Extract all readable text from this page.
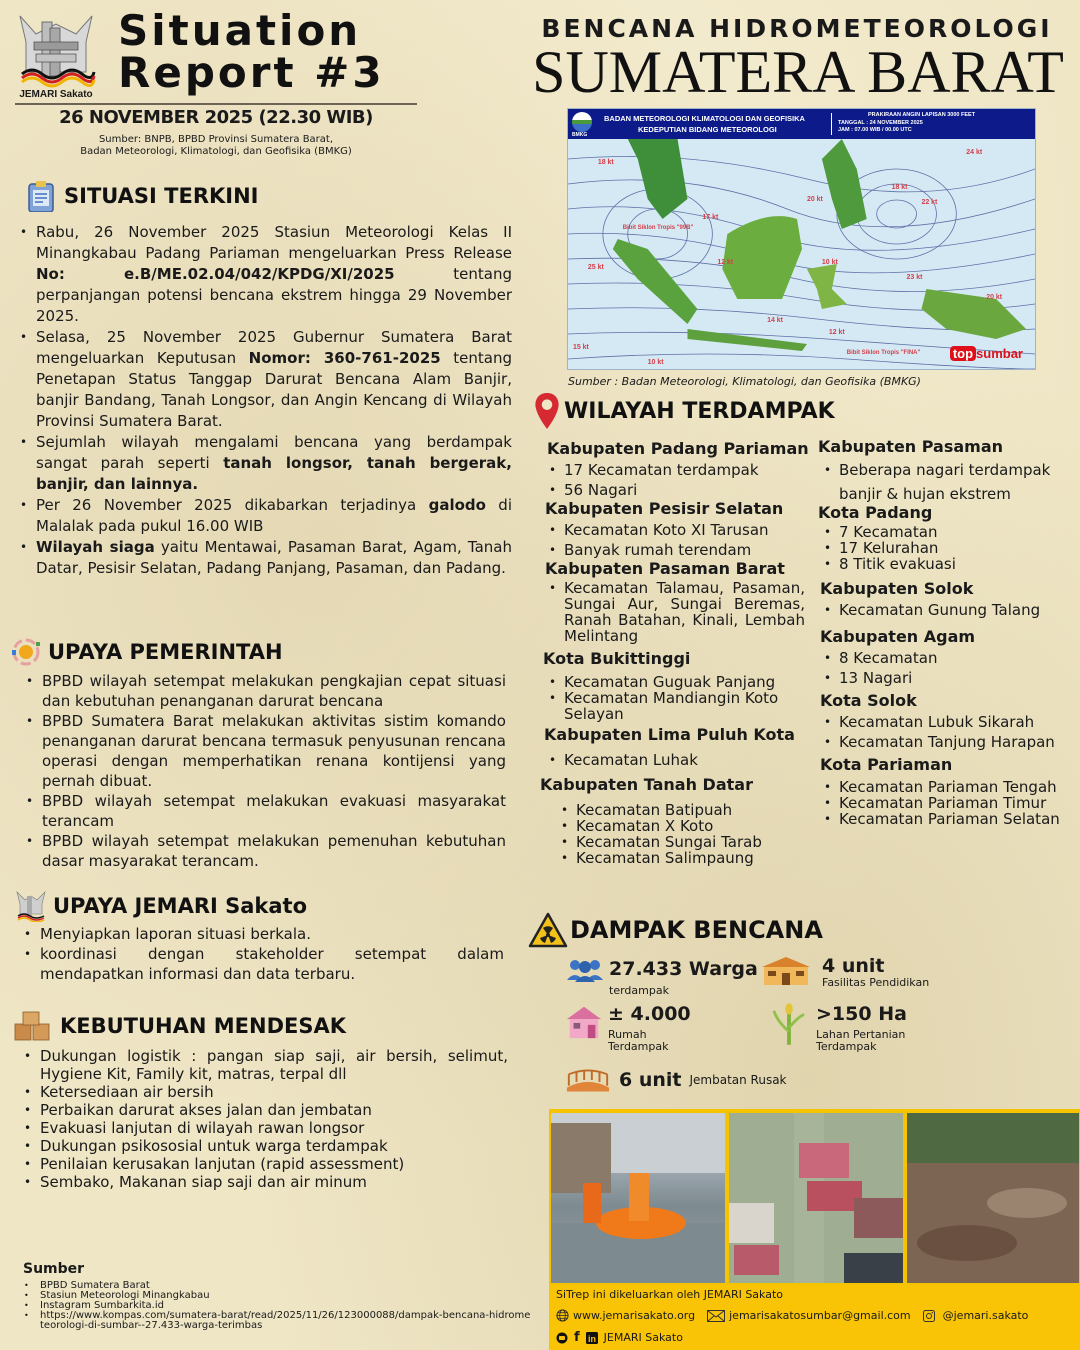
JEMARI Sakato
Situation
Report #3
26 NOVEMBER 2025 (22.30 WIB)
Sumber: BNPB, BPBD Provinsi Sumatera Barat,
Badan Meteorologi, Klimatologi, dan Geofisika (BMKG)
BENCANA HIDROMETEOROLOGI
SUMATERA BARAT
BMKG
BADAN METEOROLOGI KLIMATOLOGI DAN GEOFISIKA
KEDEPUTIAN BIDANG METEOROLOGI
PRAKIRAAN ANGIN LAPISAN 3000 FEET
TANGGAL : 24 NOVEMBER 2025
JAM : 07.00 WIB / 00.00 UTC
18 kt
24 kt
18 kt
20 kt	22 kt
17 kt
25 kt
12 kt	10 kt
23 kt
20 kt
14 kt
12 kt
15 kt
10 kt
Bibit Siklon Tropis "99B"
Bibit Siklon Tropis "FINA"	top sumbar
Sumber : Badan Meteorologi, Klimatologi, dan Geofisika (BMKG)
SITUASI TERKINI
• Rabu, 26 November 2025 Stasiun Meteorologi Kelas II Minangkabau Padang Pariaman mengeluarkan Press Release No: e.B/ME.02.04/042/KPDG/XI/2025 tentang perpanjangan potensi bencana ekstrem hingga 29 November 2025.
• Selasa, 25 November 2025 Gubernur Sumatera Barat mengeluarkan Keputusan Nomor: 360-761-2025 tentang Penetapan Status Tanggap Darurat Bencana Alam Banjir, banjir Bandang, Tanah Longsor, dan Angin Kencang di Wilayah Provinsi Sumatera Barat.
• Sejumlah wilayah mengalami bencana yang berdampak sangat parah seperti tanah longsor, tanah bergerak, banjir, dan lainnya.
• Per 26 November 2025 dikabarkan terjadinya galodo di Malalak pada pukul 16.00 WIB
• Wilayah siaga yaitu Mentawai, Pasaman Barat, Agam, Tanah Datar, Pesisir Selatan, Padang Panjang, Pasaman, dan Padang.
UPAYA PEMERINTAH
• BPBD wilayah setempat melakukan pengkajian cepat situasi dan kebutuhan penanganan darurat bencana
• BPBD Sumatera Barat melakukan aktivitas sistim komando penanganan darurat bencana termasuk penyusunan rencana operasi dengan memperhatikan renana kontijensi yang pernah dibuat.
• BPBD wilayah setempat melakukan evakuasi masyarakat terancam
• BPBD wilayah setempat melakukan pemenuhan kebutuhan dasar masyarakat terancam.
UPAYA JEMARI Sakato
• Menyiapkan laporan situasi berkala.
• koordinasi dengan stakeholder setempat dalam mendapatkan informasi dan data terbaru.
KEBUTUHAN MENDESAK
• Dukungan logistik : pangan siap saji, air bersih, selimut, Hygiene Kit, Family kit, matras, terpal dll
• Ketersediaan air bersih
• Perbaikan darurat akses jalan dan jembatan
• Evakuasi lanjutan di wilayah rawan longsor
• Dukungan psikososial untuk warga terdampak
• Penilaian kerusakan lanjutan (rapid assessment)
• Sembako, Makanan siap saji dan air minum
Sumber
• BPBD Sumatera Barat
• Stasiun Meteorologi Minangkabau
• Instagram Sumbarkita.id
• https://www.kompas.com/sumatera-barat/read/2025/11/26/123000088/dampak-bencana-hidrometeorologi-di-sumbar--27.433-warga-terimbas
WILAYAH TERDAMPAK
Kabupaten Padang Pariaman
• 17 Kecamatan terdampak
• 56 Nagari
Kabupaten Pesisir Selatan
• Kecamatan Koto XI Tarusan
• Banyak rumah terendam
Kabupaten Pasaman Barat
• Kecamatan Talamau, Pasaman, Sungai Aur, Sungai Beremas, Ranah Batahan, Kinali, Lembah Melintang
Kota Bukittinggi
• Kecamatan Guguak Panjang
• Kecamatan Mandiangin Koto Selayan
Kabupaten Lima Puluh Kota
• Kecamatan Luhak
Kabupaten Tanah Datar
• Kecamatan Batipuah
• Kecamatan X Koto
• Kecamatan Sungai Tarab
• Kecamatan Salimpaung
Kabupaten Pasaman
• Beberapa nagari terdampak banjir & hujan ekstrem
Kota Padang
• 7 Kecamatan
• 17 Kelurahan
• 8 Titik evakuasi
Kabupaten Solok
• Kecamatan Gunung Talang
Kabupaten Agam
• 8 Kecamatan
• 13 Nagari
Kota Solok
• Kecamatan Lubuk Sikarah
• Kecamatan Tanjung Harapan
Kota Pariaman
• Kecamatan Pariaman Tengah
• Kecamatan Pariaman Timur
• Kecamatan Pariaman Selatan
DAMPAK BENCANA
27.433 Warga
terdampak
4 unit
Fasilitas Pendidikan
± 4.000
Rumah
Terdampak
>150 Ha
Lahan Pertanian
Terdampak
6 unit Jembatan Rusak
SiTrep ini dikeluarkan oleh JEMARI Sakato
www.jemarisakato.org	jemarisakatosumbar@gmail.com	@jemari.sakato
f in JEMARI Sakato
